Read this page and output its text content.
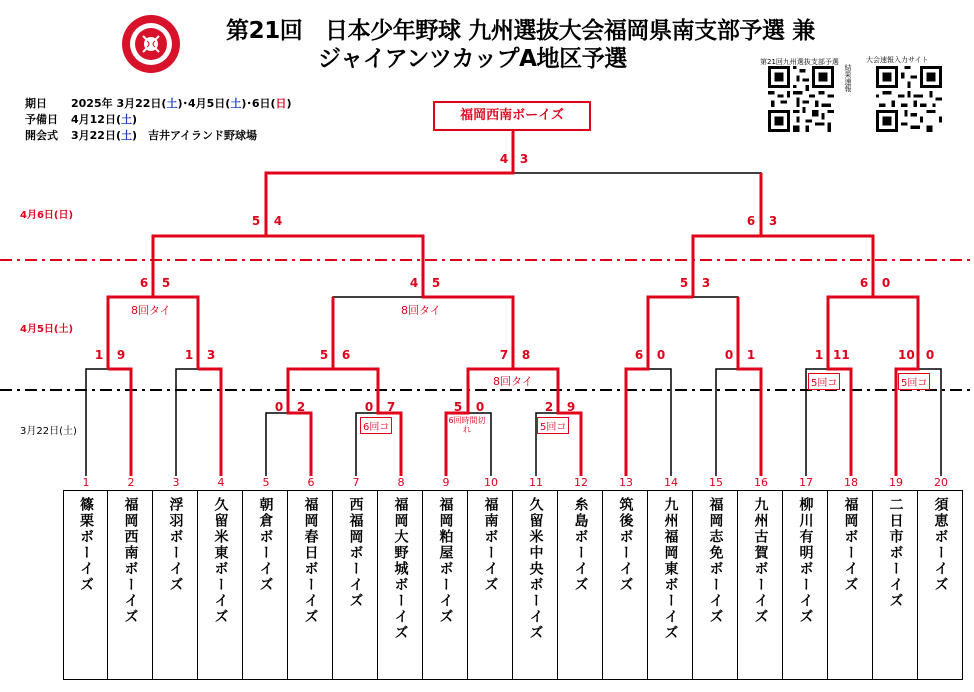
第21回　日本少年野球 九州選抜大会福岡県南支部予選 兼
ジャイアンツカップA地区予選
期日 2025年 3月22日(土)･4月5日(土)･6日(日)
予備日 4月12日(土)
開会式 3月22日(土)　吉井アイランド野球場
第21回九州選抜支部予選
結果速報
大会速報入力サイト
4月6日(日)
4月5日(土)
3月22日(土)
福岡西南ボーイズ
4 3
5	4	6	3
6	5	4	5	5	3	6	0
8回タイ	8回タイ
1	9	1	3	5	6	7	8	6	0	0	1	1 11	10 0
8回タイ	5回コ	5回コ
0	2	0	7	5	0	2	9
6回コ
6回時間切れ	5回コ
1	2	3	4	5	6	7	8	9	10	11	12	13	14	15	16	17	18	19	20
篠栗ボーイズ	福岡西南ボーイズ	浮羽ボーイズ	久留米東ボーイズ	朝倉ボーイズ	福岡春日ボーイズ	西福岡ボーイズ	福岡大野城ボーイズ	福岡粕屋ボーイズ	福南ボーイズ	久留米中央ボーイズ	糸島ボーイズ	筑後ボーイズ	九州福岡東ボーイズ	福岡志免ボーイズ	九州古賀ボーイズ	柳川有明ボーイズ	福岡ボーイズ	二日市ボーイズ	須恵ボーイズ
